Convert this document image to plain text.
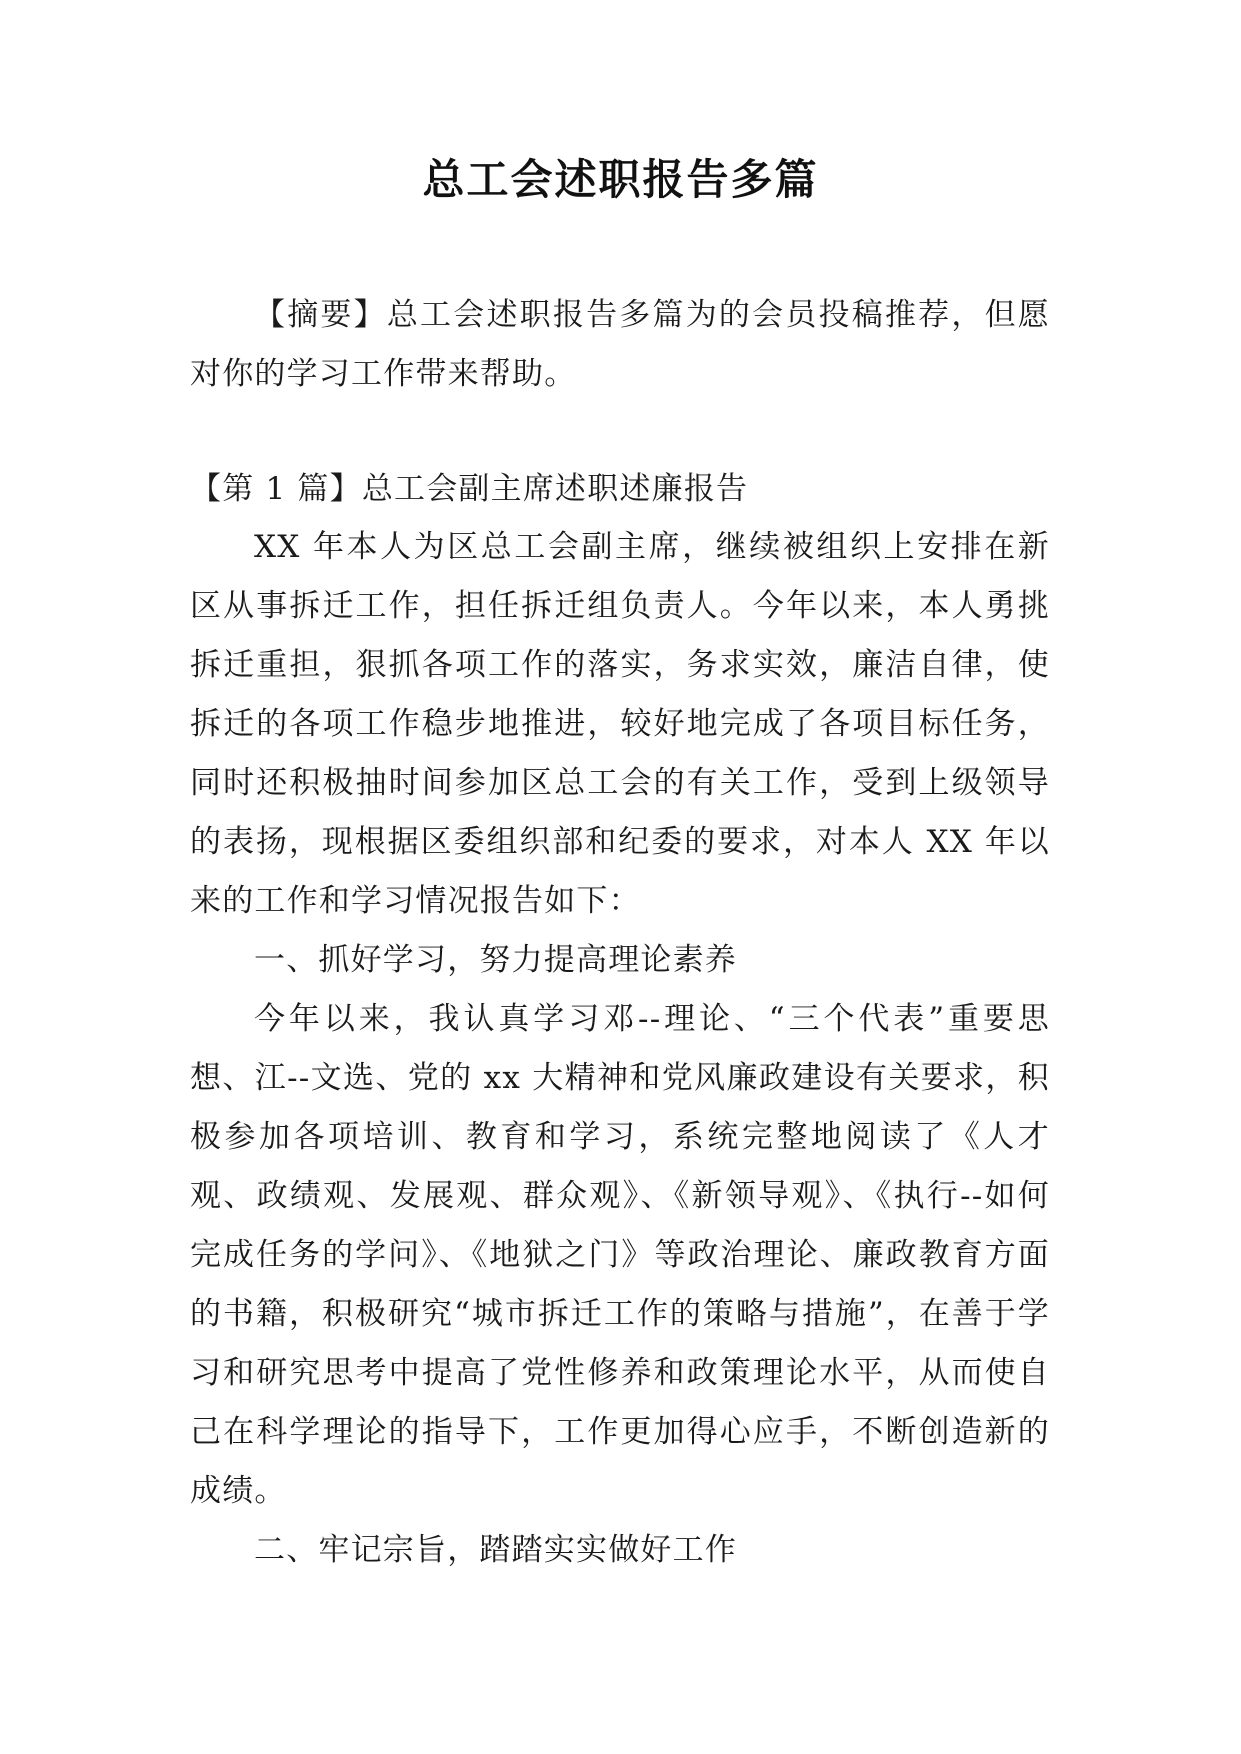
总工会述职报告多篇

【摘要】总工会述职报告多篇为的会员投稿推荐，但愿对你的学习工作带来帮助。

【第 1 篇】总工会副主席述职述廉报告

XX 年本人为区总工会副主席，继续被组织上安排在新区从事拆迁工作，担任拆迁组负责人。今年以来，本人勇挑拆迁重担，狠抓各项工作的落实，务求实效，廉洁自律，使拆迁的各项工作稳步地推进，较好地完成了各项目标任务，同时还积极抽时间参加区总工会的有关工作，受到上级领导的表扬，现根据区委组织部和纪委的要求，对本人 XX 年以来的工作和学习情况报告如下：

一、抓好学习，努力提高理论素养

今年以来，我认真学习邓--理论、“三个代表”重要思想、江--文选、党的 xx 大精神和党风廉政建设有关要求，积极参加各项培训、教育和学习，系统完整地阅读了《人才观、政绩观、发展观、群众观》、《新领导观》、《执行--如何完成任务的学问》、《地狱之门》等政治理论、廉政教育方面的书籍，积极研究“城市拆迁工作的策略与措施”，在善于学习和研究思考中提高了党性修养和政策理论水平，从而使自己在科学理论的指导下，工作更加得心应手，不断创造新的成绩。

二、牢记宗旨，踏踏实实做好工作
